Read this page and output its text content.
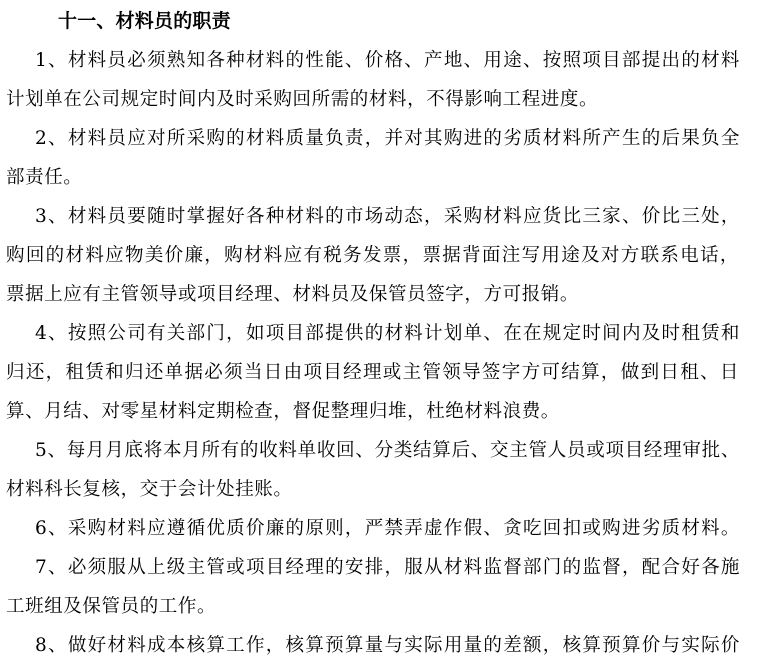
十一、材料员的职责
1、材料员必须熟知各种材料的性能、价格、产地、用途、按照项目部提出的材料
计划单在公司规定时间内及时采购回所需的材料，不得影响工程进度。
2、材料员应对所采购的材料质量负责，并对其购进的劣质材料所产生的后果负全
部责任。
3、材料员要随时掌握好各种材料的市场动态，采购材料应货比三家、价比三处，
购回的材料应物美价廉，购材料应有税务发票，票据背面注写用途及对方联系电话，
票据上应有主管领导或项目经理、材料员及保管员签字，方可报销。
4、按照公司有关部门，如项目部提供的材料计划单、在在规定时间内及时租赁和
归还，租赁和归还单据必须当日由项目经理或主管领导签字方可结算，做到日租、日
算、月结、对零星材料定期检查，督促整理归堆，杜绝材料浪费。
5、每月月底将本月所有的收料单收回、分类结算后、交主管人员或项目经理审批、
材料科长复核，交于会计处挂账。
6、采购材料应遵循优质价廉的原则，严禁弄虚作假、贪吃回扣或购进劣质材料。
7、必须服从上级主管或项目经理的安排，服从材料监督部门的监督，配合好各施
工班组及保管员的工作。
8、做好材料成本核算工作，核算预算量与实际用量的差额，核算预算价与实际价
